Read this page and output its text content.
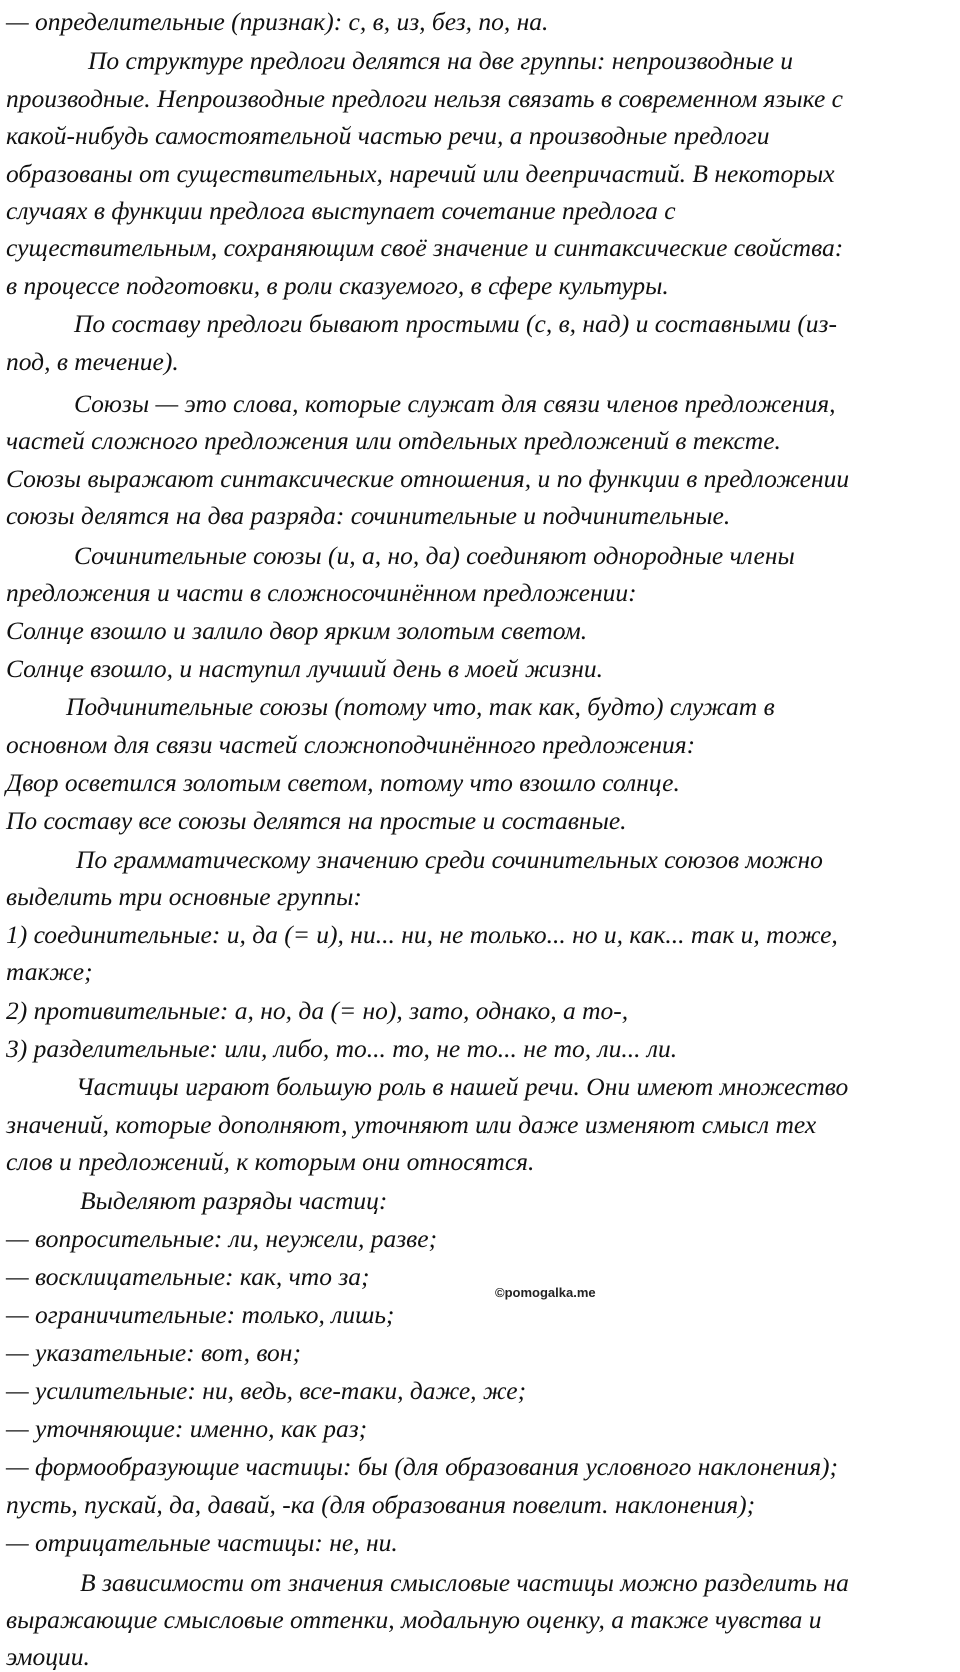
— определительные (признак): с, в, из, без, по, на.
По структуре предлоги делятся на две группы: непроизводные и
производные. Непроизводные предлоги нельзя связать в современном языке с
какой-нибудь самостоятельной частью речи, а производные предлоги
образованы от существительных, наречий или деепричастий. В некоторых
случаях в функции предлога выступает сочетание предлога с
существительным, сохраняющим своё значение и синтаксические свойства:
в процессе подготовки, в роли сказуемого, в сфере культуры.
По составу предлоги бывают простыми (с, в, над) и составными (из-
под, в течение).
Союзы — это слова, которые служат для связи членов предложения,
частей сложного предложения или отдельных предложений в тексте.
Союзы выражают синтаксические отношения, и по функции в предложении
союзы делятся на два разряда: сочинительные и подчинительные.
Сочинительные союзы (и, а, но, да) соединяют однородные члены
предложения и части в сложносочинённом предложении:
Солнце взошло и залило двор ярким золотым светом.
Солнце взошло, и наступил лучший день в моей жизни.
Подчинительные союзы (потому что, так как, будто) служат в
основном для связи частей сложноподчинённого предложения:
Двор осветился золотым светом, потому что взошло солнце.
По составу все союзы делятся на простые и составные.
По грамматическому значению среди сочинительных союзов можно
выделить три основные группы:
1) соединительные: и, да (= и), ни... ни, не только... но и, как... так и, тоже,
также;
2) противительные: а, но, да (= но), зато, однако, а то-,
3) разделительные: или, либо, то... то, не то... не то, ли... ли.
Частицы играют большую роль в нашей речи. Они имеют множество
значений, которые дополняют, уточняют или даже изменяют смысл тех
слов и предложений, к которым они относятся.
Выделяют разряды частиц:
— вопросительные: ли, неужели, разве;
— восклицательные: как, что за;
— ограничительные: только, лишь;
— указательные: вот, вон;
— усилительные: ни, ведь, все-таки, даже, же;
— уточняющие: именно, как раз;
— формообразующие частицы: бы (для образования условного наклонения);
пусть, пускай, да, давай, -ка (для образования повелит. наклонения);
— отрицательные частицы: не, ни.
В зависимости от значения смысловые частицы можно разделить на
выражающие смысловые оттенки, модальную оценку, а также чувства и
эмоции.
©pomogalka.me
